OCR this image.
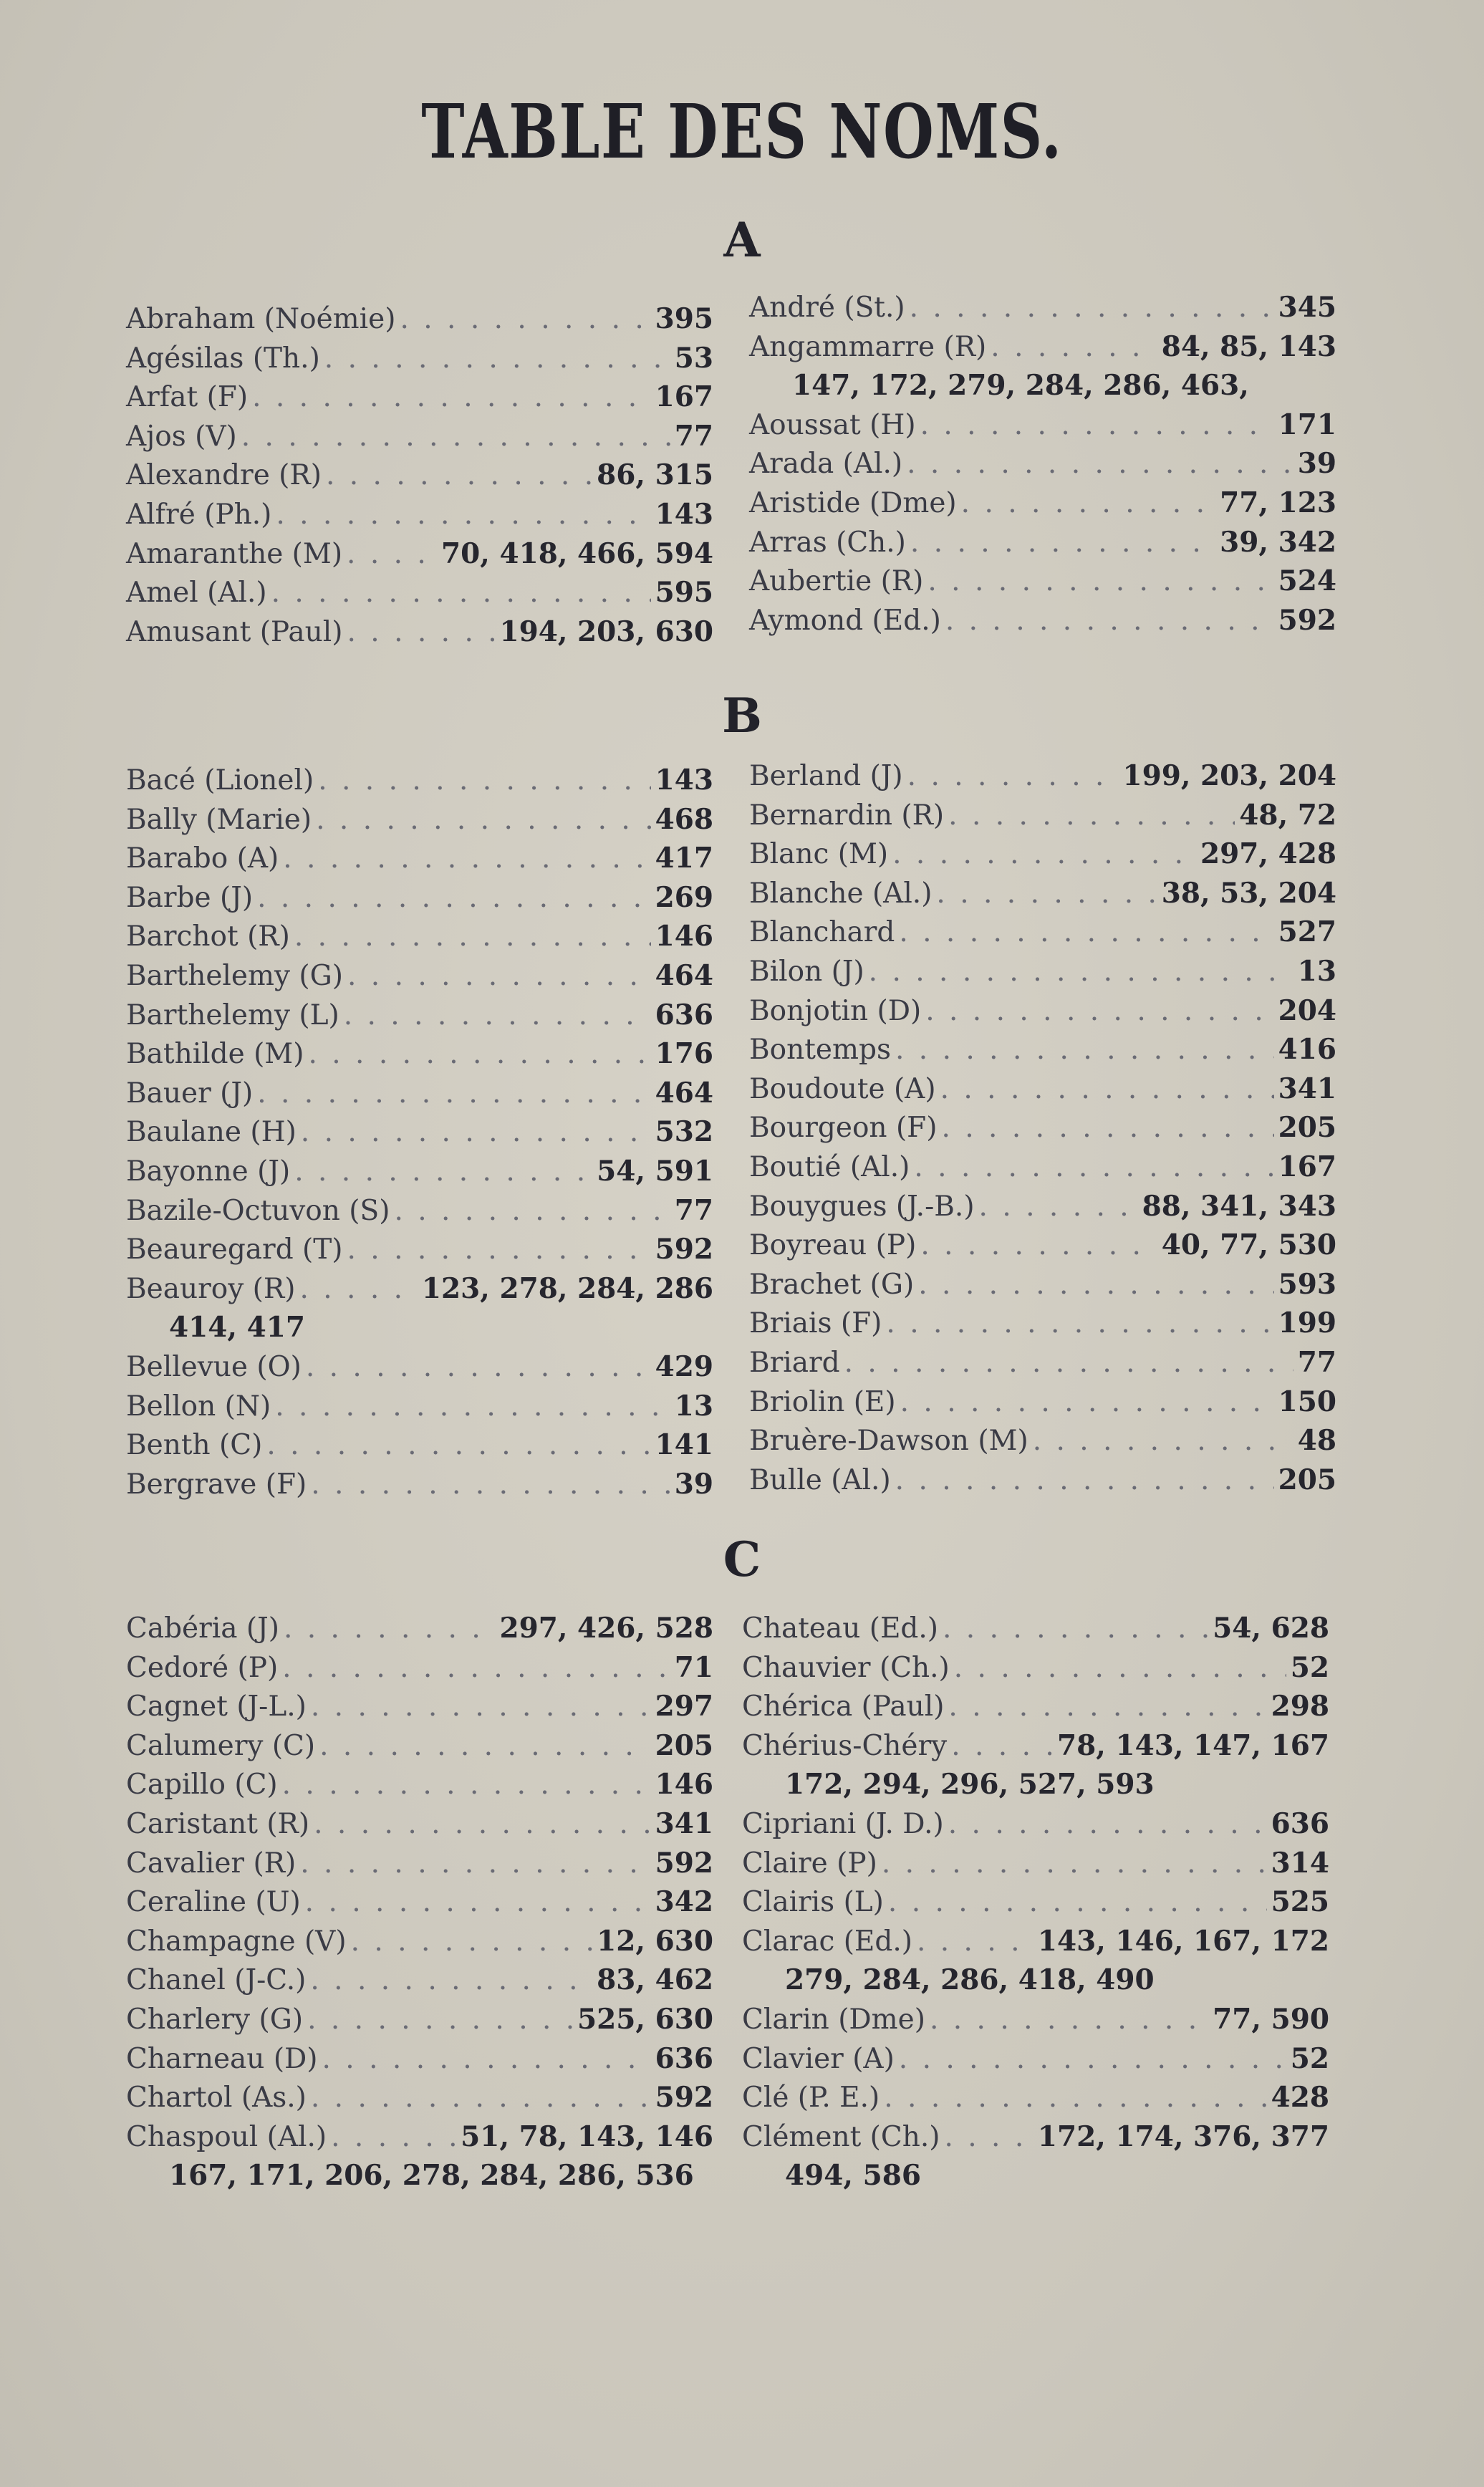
TABLE DES NOMS.
A
Abraham (Noémie) . . .	395
Agésilas (Th.) . . .	53
Arfat (F) . . .	167
Ajos (V) . . .	77
Alexandre (R) . . .	86, 315
Alfré (Ph.) . . .	143
Amaranthe (M) . . .	70, 418, 466, 594
Amel (Al.) . . .	595
Amusant (Paul) . . .	194, 203, 630
André (St.) . . .	345
Angammarre (R) . . .	84, 85, 143
147, 172, 279, 284, 286, 463,
Aoussat (H) . . .	171
Arada (Al.) . . .	39
Aristide (Dme) . . .	77, 123
Arras (Ch.) . . .	39, 342
Aubertie (R) . . .	524
Aymond (Ed.) . . .	592
B
Bacé (Lionel) . . .	143
Bally (Marie) . . .	468
Barabo (A) . . .	417
Barbe (J) . . .	269
Barchot (R) . . .	146
Barthelemy (G) . . .	464
Barthelemy (L) . . .	636
Bathilde (M) . . .	176
Bauer (J) . . .	464
Baulane (H) . . .	532
Bayonne (J) . . .	54, 591
Bazile-Octuvon (S) . . .	77
Beauregard (T) . . .	592
Beauroy (R) . . .	123, 278, 284, 286
414, 417
Bellevue (O) . . .	429
Bellon (N) . . .	13
Benth (C) . . .	141
Bergrave (F) . . .	39
Berland (J) . . .	199, 203, 204
Bernardin (R) . . .	48, 72
Blanc (M) . . .	297, 428
Blanche (Al.) . . .	38, 53, 204
Blanchard . . .	527
Bilon (J) . . .	13
Bonjotin (D) . . .	204
Bontemps . . .	416
Boudoute (A) . . .	341
Bourgeon (F) . . .	205
Boutié (Al.) . . .	167
Bouygues (J.-B.) . . .	88, 341, 343
Boyreau (P) . . .	40, 77, 530
Brachet (G) . . .	593
Briais (F) . . .	199
Briard . . .	77
Briolin (E) . . .	150
Bruère-Dawson (M) . . .	48
Bulle (Al.) . . .	205
C
Cabéria (J) . . .	297, 426, 528
Cedoré (P) . . .	71
Cagnet (J-L.) . . .	297
Calumery (C) . . .	205
Capillo (C) . . .	146
Caristant (R) . . .	341
Cavalier (R) . . .	592
Ceraline (U) . . .	342
Champagne (V) . . .	12, 630
Chanel (J-C.) . . .	83, 462
Charlery (G) . . .	525, 630
Charneau (D) . . .	636
Chartol (As.) . . .	592
Chaspoul (Al.) . . .	51, 78, 143, 146
167, 171, 206, 278, 284, 286, 536
Chateau (Ed.) . . .	54, 628
Chauvier (Ch.) . . .	52
Chérica (Paul) . . .	298
Chérius-Chéry . . .	78, 143, 147, 167
172, 294, 296, 527, 593
Cipriani (J. D.) . . .	636
Claire (P) . . .	314
Clairis (L) . . .	525
Clarac (Ed.) . . .	143, 146, 167, 172
279, 284, 286, 418, 490
Clarin (Dme) . . .	77, 590
Clavier (A) . . .	52
Clé (P. E.) . . .	428
Clément (Ch.) . . .	172, 174, 376, 377
494, 586
